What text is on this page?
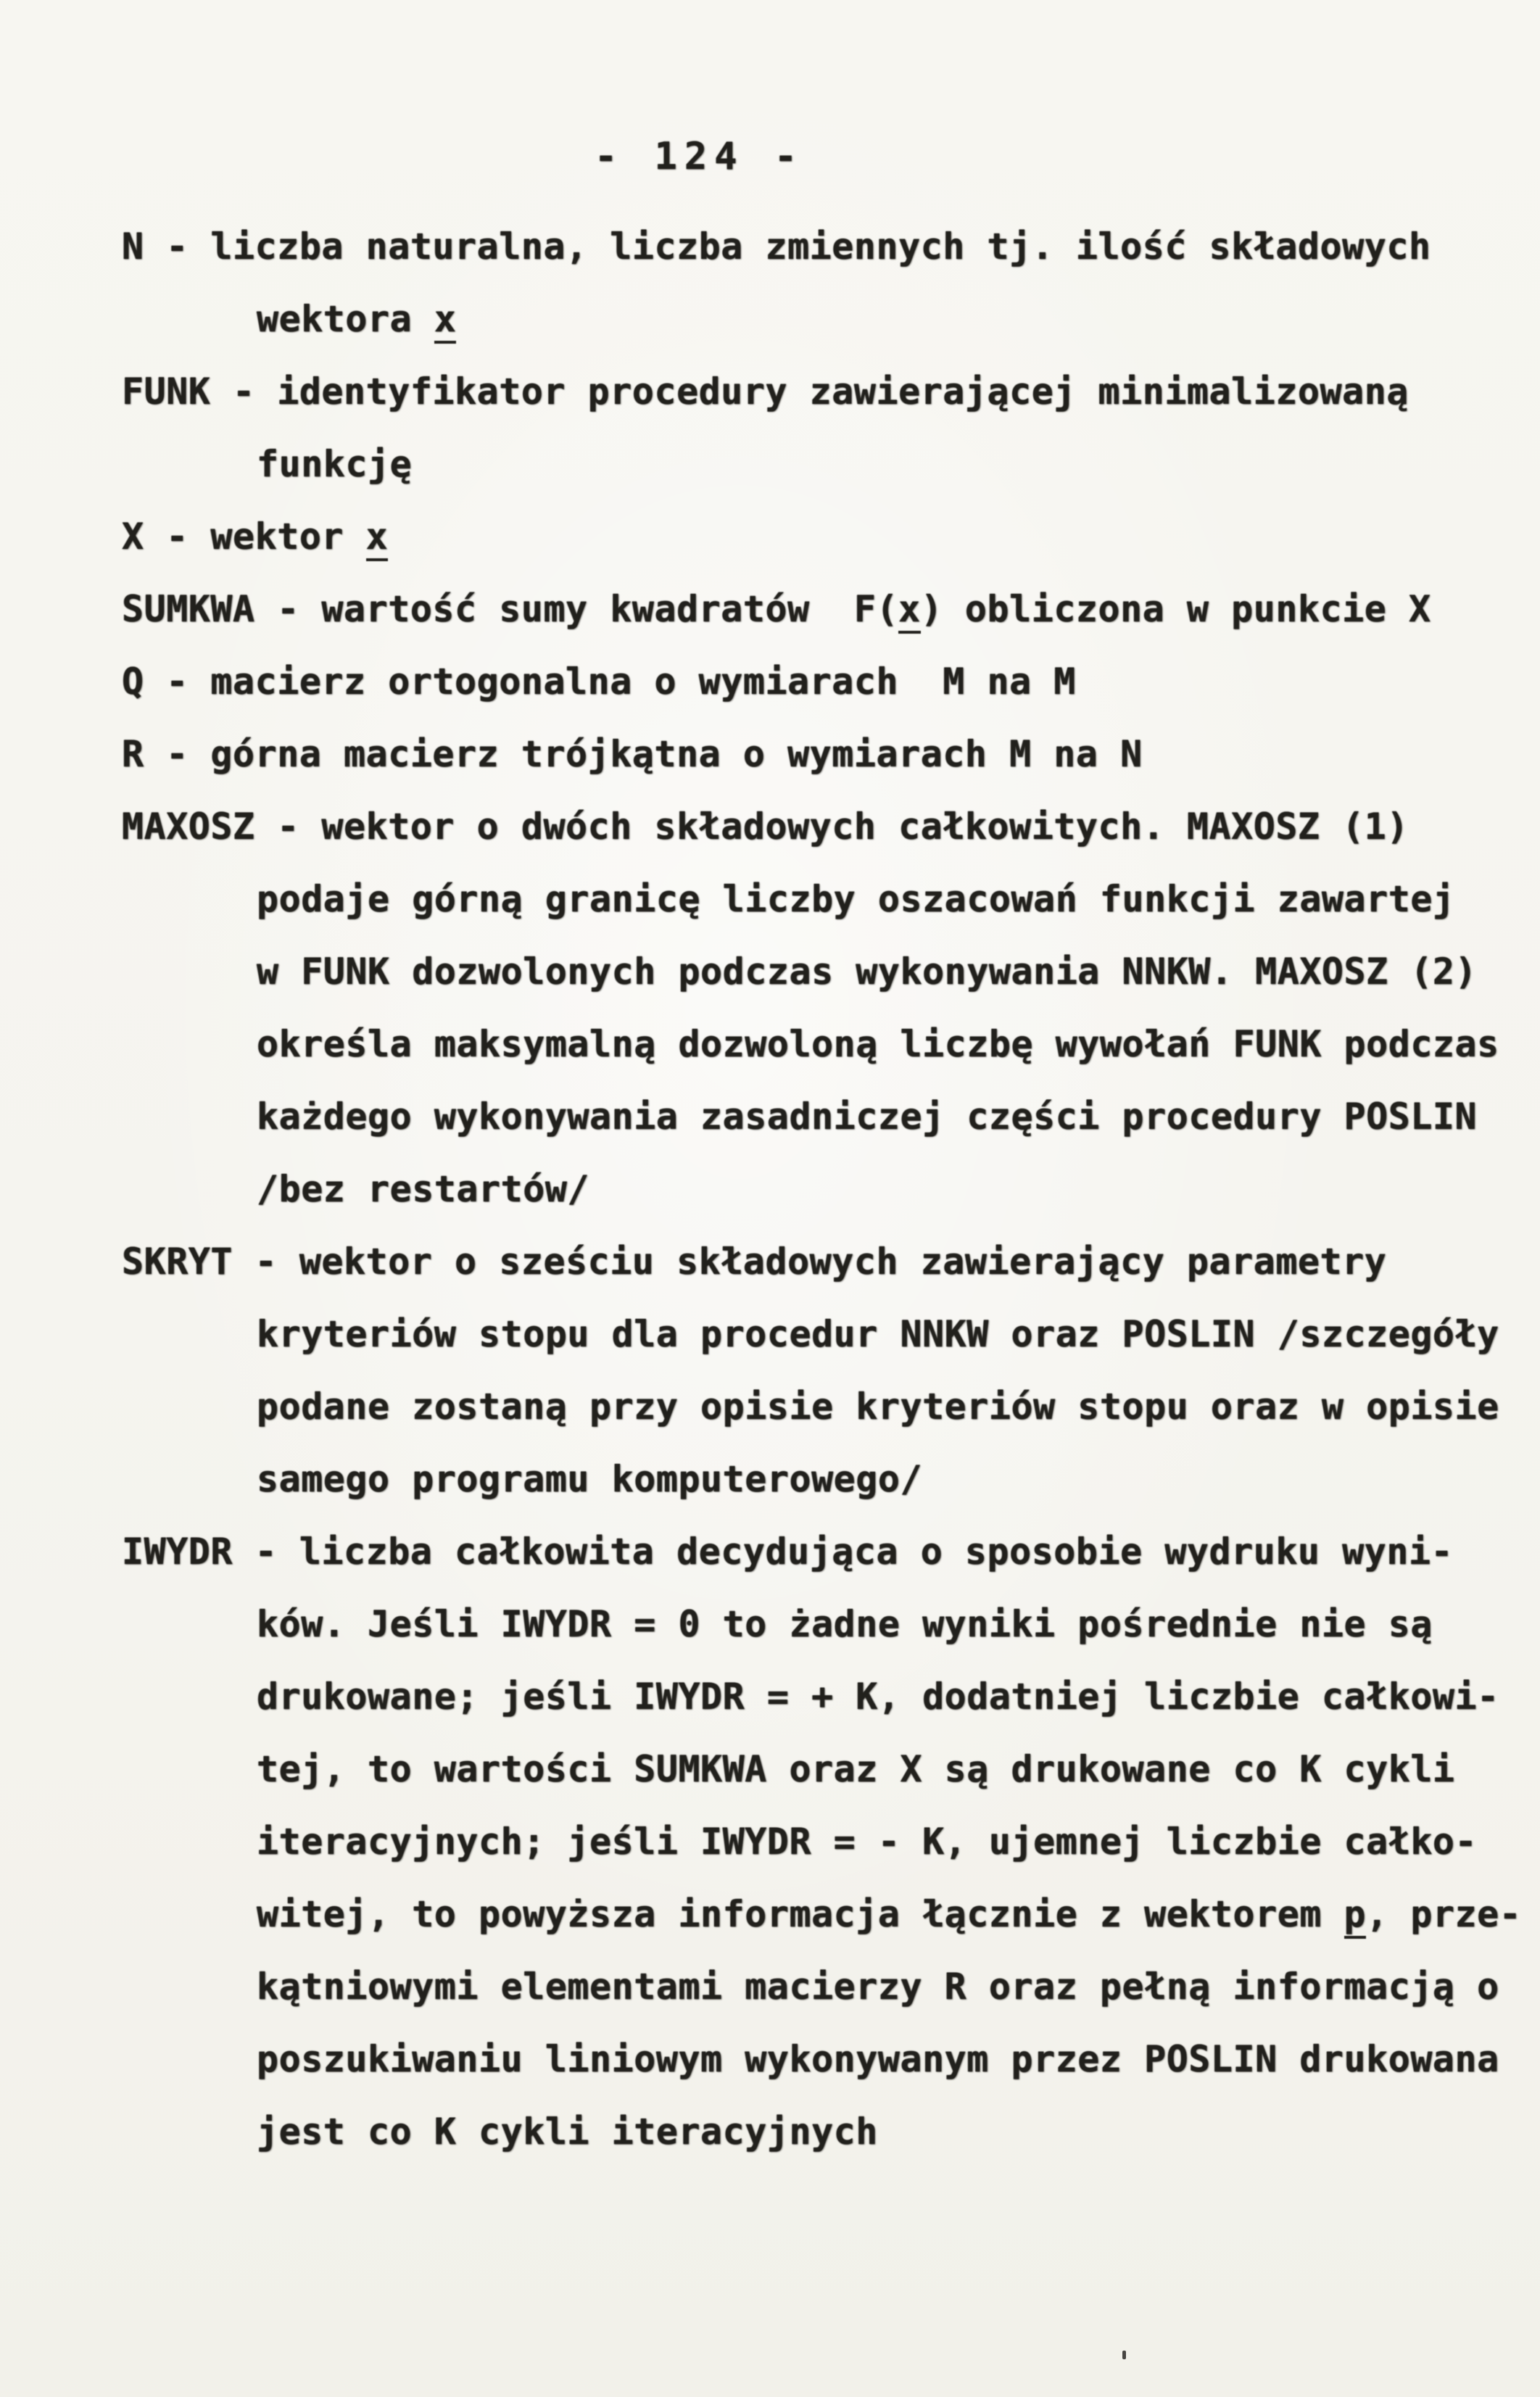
- 124 -
N - liczba naturalna, liczba zmiennych tj. ilość składowych
wektora x
FUNK - identyfikator procedury zawierającej minimalizowaną
funkcję
X - wektor x
SUMKWA - wartość sumy kwadratów  F(x) obliczona w punkcie X
Q - macierz ortogonalna o wymiarach  M na M
R - górna macierz trójkątna o wymiarach M na N
MAXOSZ - wektor o dwóch składowych całkowitych. MAXOSZ (1)
podaje górną granicę liczby oszacowań funkcji zawartej
w FUNK dozwolonych podczas wykonywania NNKW. MAXOSZ (2)
określa maksymalną dozwoloną liczbę wywołań FUNK podczas
każdego wykonywania zasadniczej części procedury POSLIN
/bez restartów/
SKRYT - wektor o sześciu składowych zawierający parametry
kryteriów stopu dla procedur NNKW oraz POSLIN /szczegóły
podane zostaną przy opisie kryteriów stopu oraz w opisie
samego programu komputerowego/
IWYDR - liczba całkowita decydująca o sposobie wydruku wyni-
ków. Jeśli IWYDR = 0 to żadne wyniki pośrednie nie są
drukowane; jeśli IWYDR = + K, dodatniej liczbie całkowi-
tej, to wartości SUMKWA oraz X są drukowane co K cykli
iteracyjnych; jeśli IWYDR = - K, ujemnej liczbie całko-
witej, to powyższa informacja łącznie z wektorem p, prze-
kątniowymi elementami macierzy R oraz pełną informacją o
poszukiwaniu liniowym wykonywanym przez POSLIN drukowana
jest co K cykli iteracyjnych
